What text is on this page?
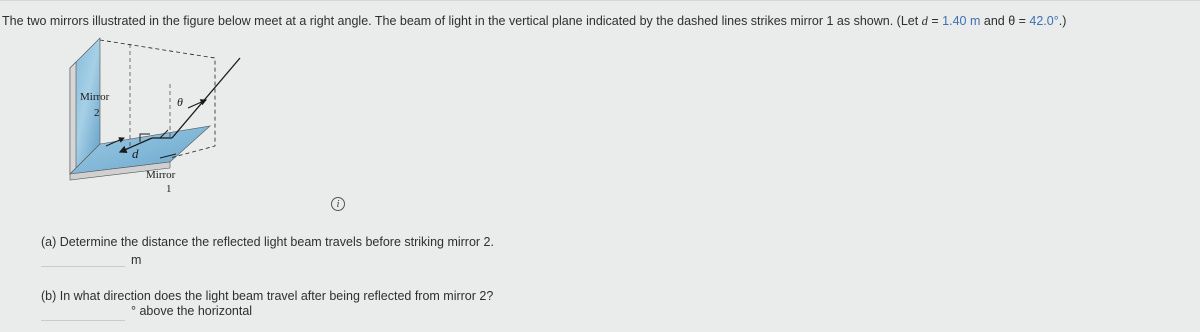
The two mirrors illustrated in the figure below meet at a right angle. The beam of light in the vertical plane indicated by the dashed lines strikes mirror 1 as shown. (Let d = 1.40 m and θ = 42.0°.)
Mirror
2
d
θ
Mirror
1
i
(a) Determine the distance the reflected light beam travels before striking mirror 2.
m
(b) In what direction does the light beam travel after being reflected from mirror 2?
° above the horizontal
